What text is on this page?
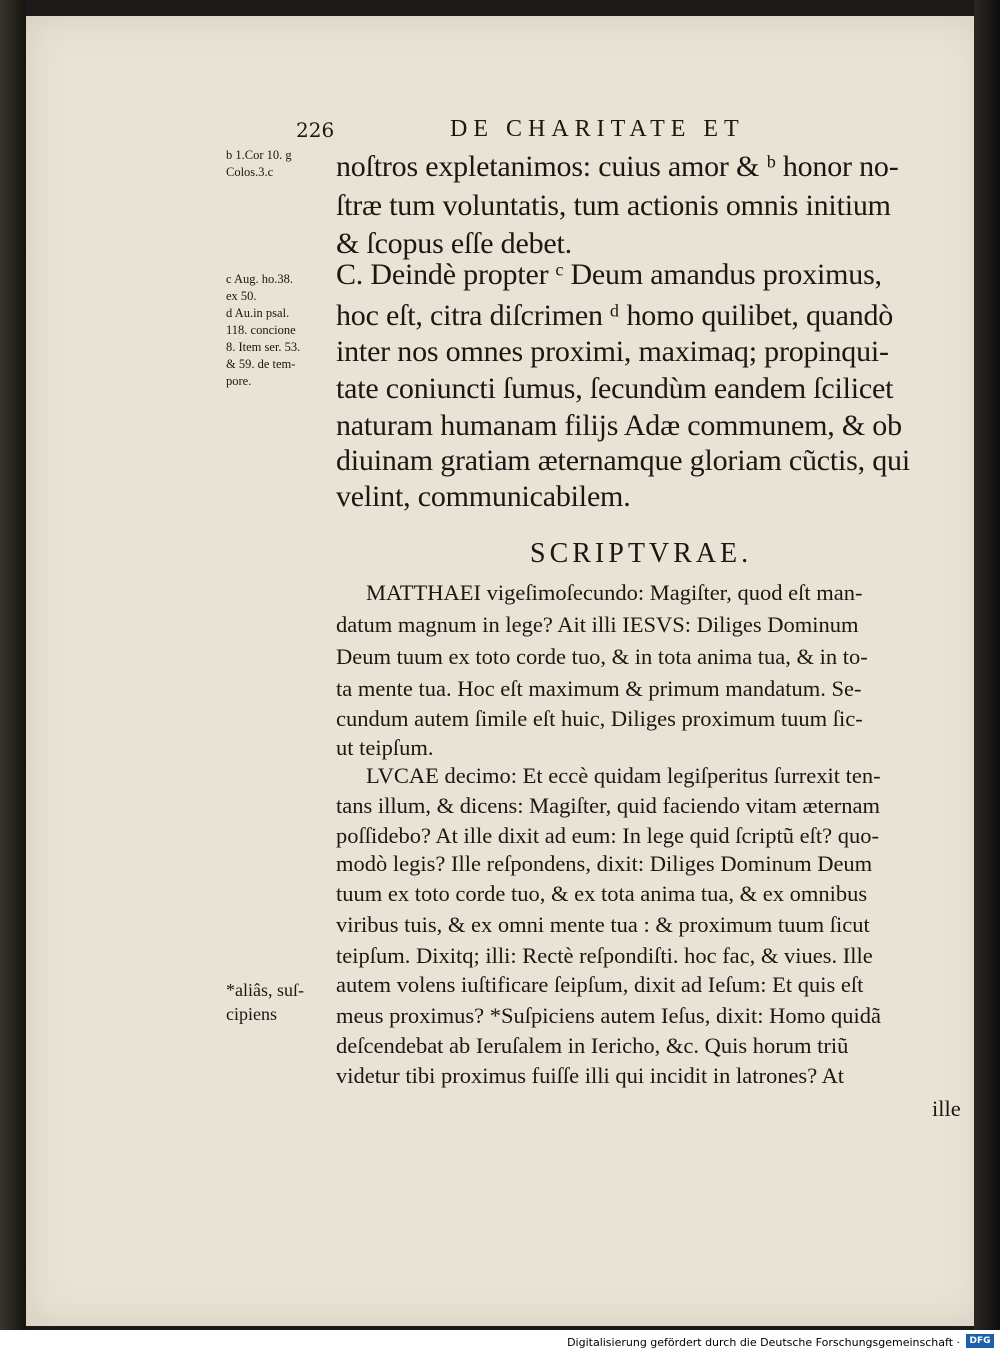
226	DE CHARITATE ET
b 1.Cor 10. g
Colos.3.c
c Aug. ho.38.
ex 50.
d Au.in psal.
118. concione
8. Item ser. 53.
& 59. de tem-
pore.
*aliâs, suſ-
cipiens
noſtros expletanimos: cuius amor & ᵇ honor no-
ſtræ tum voluntatis, tum actionis omnis initium
& ſcopus eſſe debet.
C. Deindè propter ᶜ Deum amandus proximus,
hoc eſt, citra diſcrimen ᵈ homo quilibet, quandò
inter nos omnes proximi, maximaq; propinqui-
tate coniuncti ſumus, ſecundùm eandem ſcilicet
naturam humanam filijs Adæ communem, & ob
diuinam gratiam æternamque gloriam cũctis, qui
velint, communicabilem.
SCRIPTVRAE.
MATTHAEI vigeſimoſecundo: Magiſter, quod eſt man-
datum magnum in lege? Ait illi IESVS: Diliges Dominum
Deum tuum ex toto corde tuo, & in tota anima tua, & in to-
ta mente tua. Hoc eſt maximum & primum mandatum. Se-
cundum autem ſimile eſt huic, Diliges proximum tuum ſic-
ut teipſum.
LVCAE decimo: Et eccè quidam legiſperitus ſurrexit ten-
tans illum, & dicens: Magiſter, quid faciendo vitam æternam
poſſidebo? At ille dixit ad eum: In lege quid ſcriptũ eſt? quo-
modò legis? Ille reſpondens, dixit: Diliges Dominum Deum
tuum ex toto corde tuo, & ex tota anima tua, & ex omnibus
viribus tuis, & ex omni mente tua : & proximum tuum ſicut
teipſum. Dixitq; illi: Rectè reſpondiſti. hoc fac, & viues. Ille
autem volens iuſtificare ſeipſum, dixit ad Ieſum: Et quis eſt
meus proximus? *Suſpiciens autem Ieſus, dixit: Homo quidã
deſcendebat ab Ieruſalem in Iericho, &c. Quis horum triũ
videtur tibi proximus fuiſſe illi qui incidit in latrones? At
ille
Digitalisierung gefördert durch die Deutsche Forschungsgemeinschaft ·	DFG
